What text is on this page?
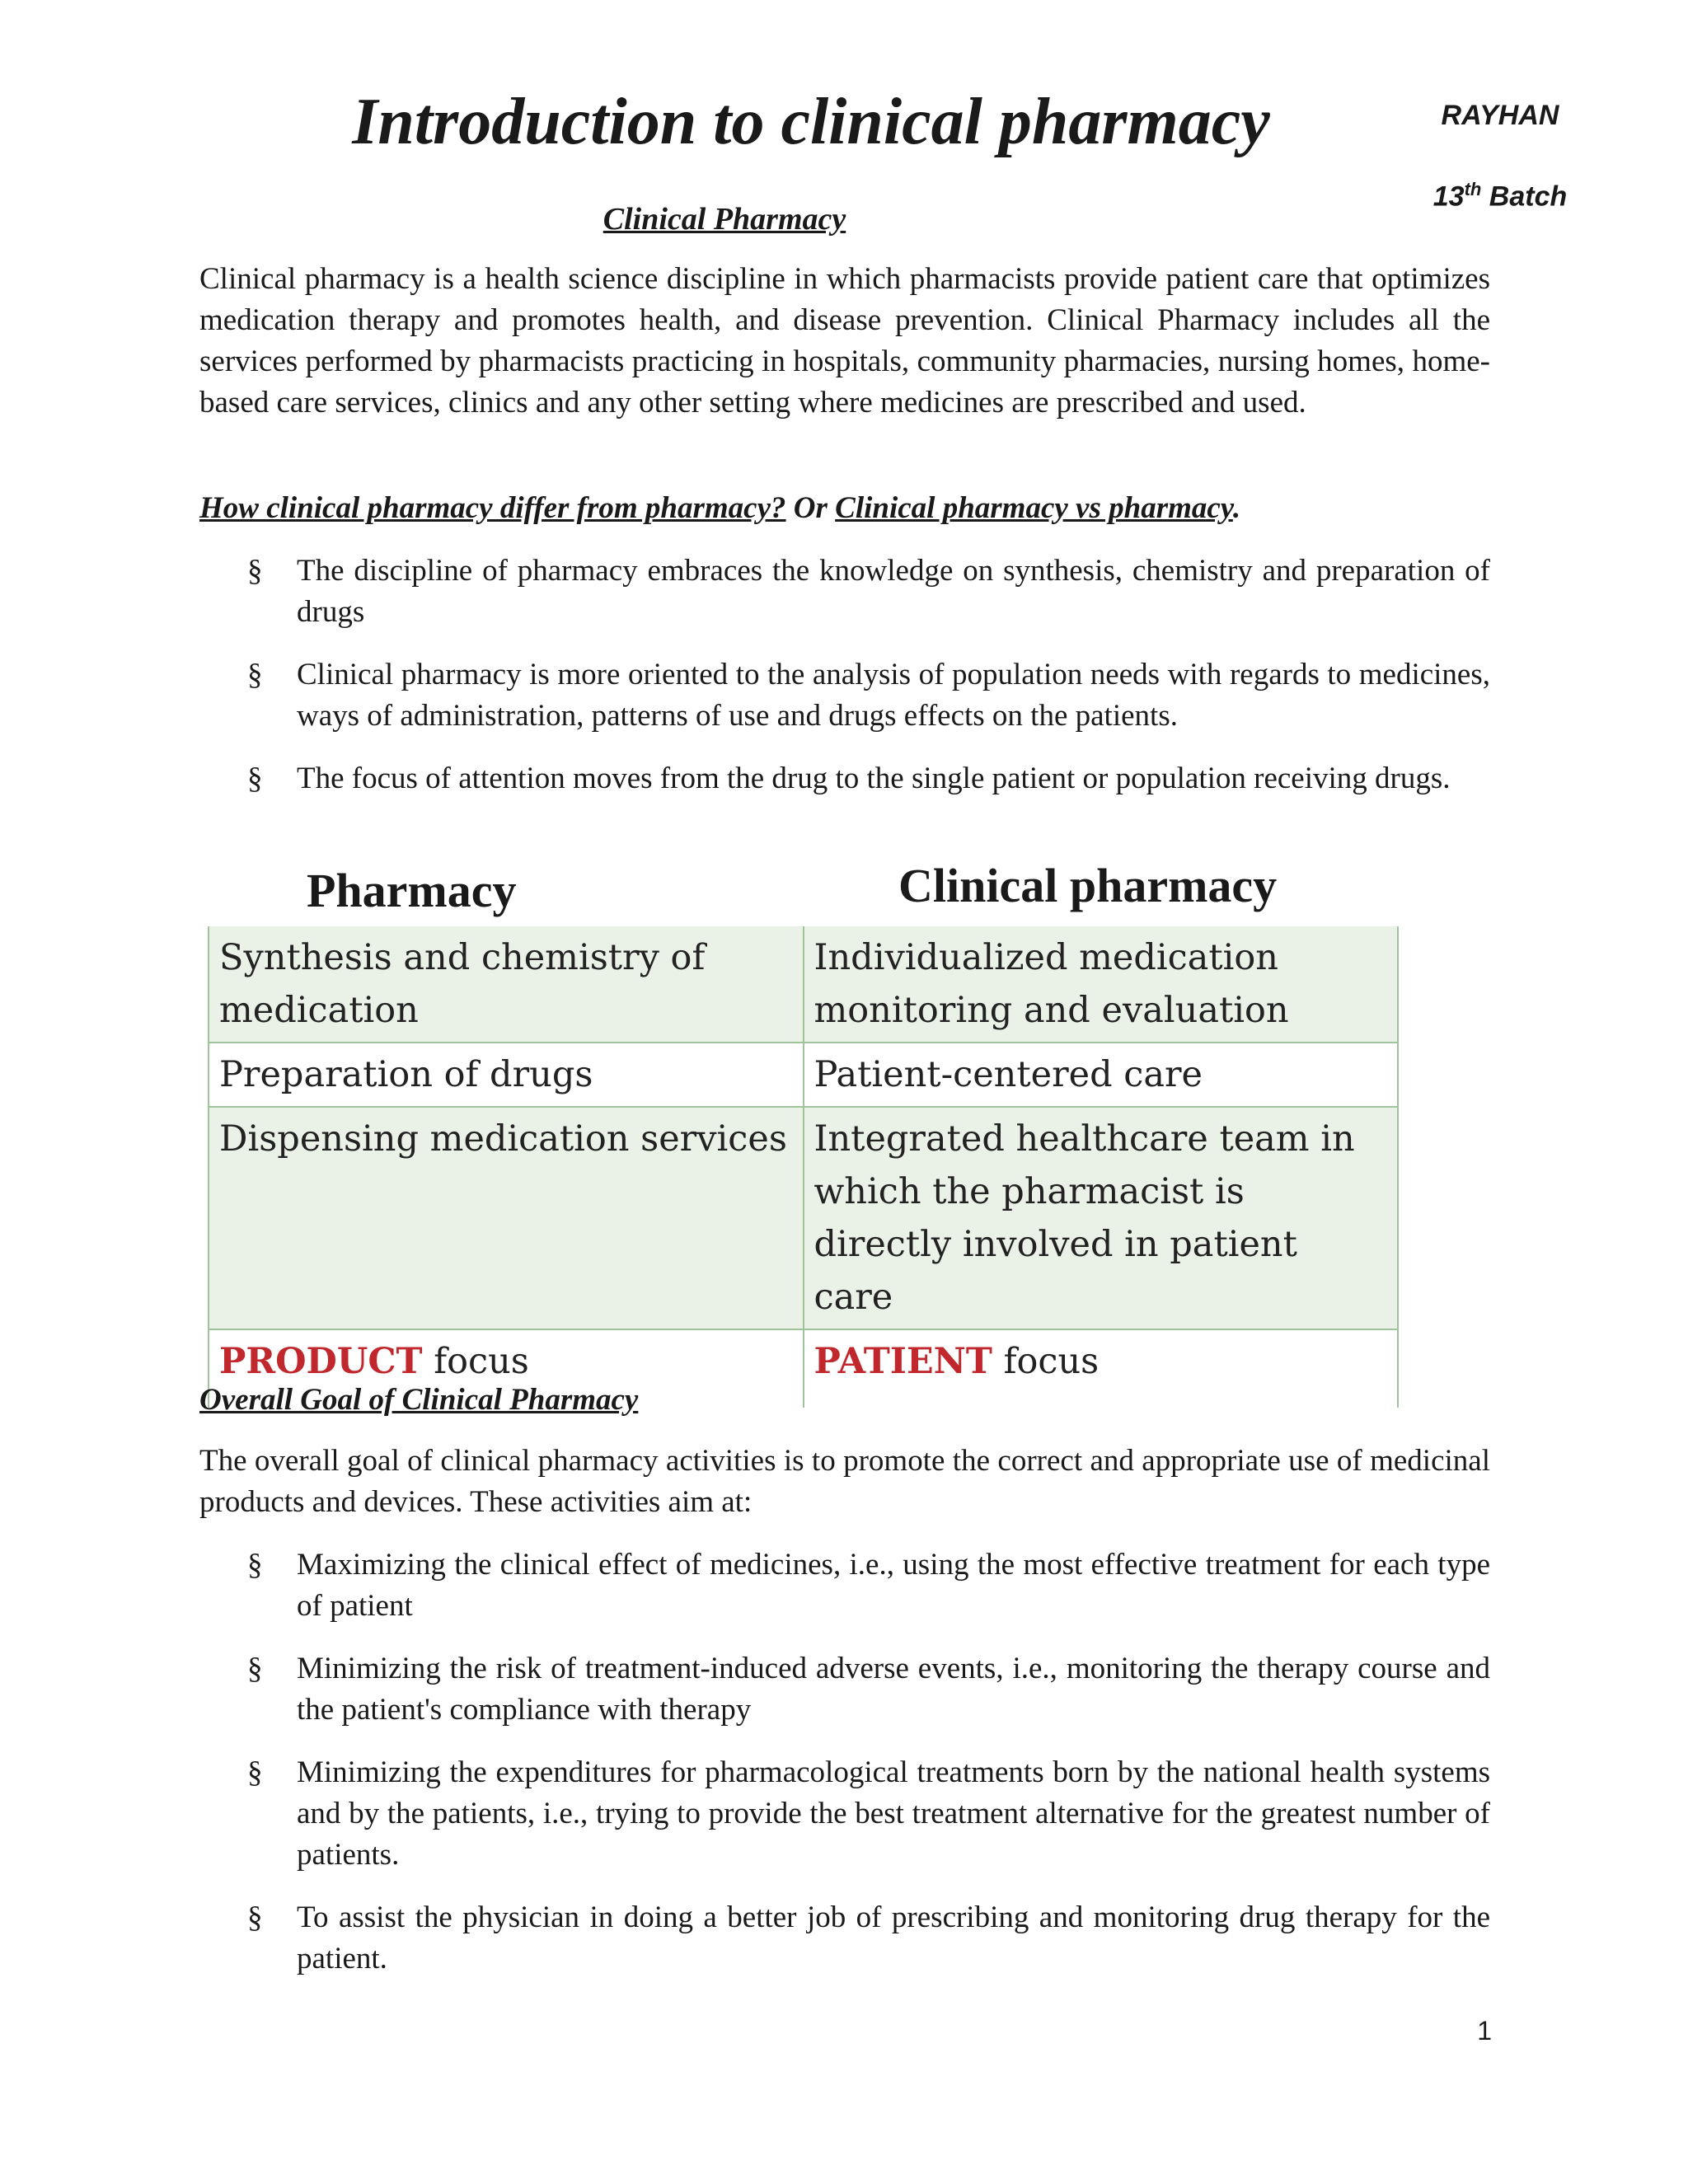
Introduction to clinical pharmacy	RAYHAN
13th Batch
Clinical Pharmacy

Clinical pharmacy is a health science discipline in which pharmacists provide patient care that optimizes medication therapy and promotes health, and disease prevention. Clinical Pharmacy includes all the services performed by pharmacists practicing in hospitals, community pharmacies, nursing homes, home-based care services, clinics and any other setting where medicines are prescribed and used.

How clinical pharmacy differ from pharmacy? Or Clinical pharmacy vs pharmacy.

§ The discipline of pharmacy embraces the knowledge on synthesis, chemistry and preparation of drugs
§ Clinical pharmacy is more oriented to the analysis of population needs with regards to medicines, ways of administration, patterns of use and drugs effects on the patients.
§ The focus of attention moves from the drug to the single patient or population receiving drugs.
Pharmacy	Clinical pharmacy
Synthesis and chemistry of medication	Individualized medication monitoring and evaluation
Preparation of drugs	Patient-centered care
Dispensing medication services	Integrated healthcare team in which the pharmacist is directly involved in patient care
PRODUCT focus	PATIENT focus

Overall Goal of Clinical Pharmacy

The overall goal of clinical pharmacy activities is to promote the correct and appropriate use of medicinal products and devices. These activities aim at:

§ Maximizing the clinical effect of medicines, i.e., using the most effective treatment for each type of patient
§ Minimizing the risk of treatment-induced adverse events, i.e., monitoring the therapy course and the patient's compliance with therapy
§ Minimizing the expenditures for pharmacological treatments born by the national health systems and by the patients, i.e., trying to provide the best treatment alternative for the greatest number of patients.
§ To assist the physician in doing a better job of prescribing and monitoring drug therapy for the patient.
1
